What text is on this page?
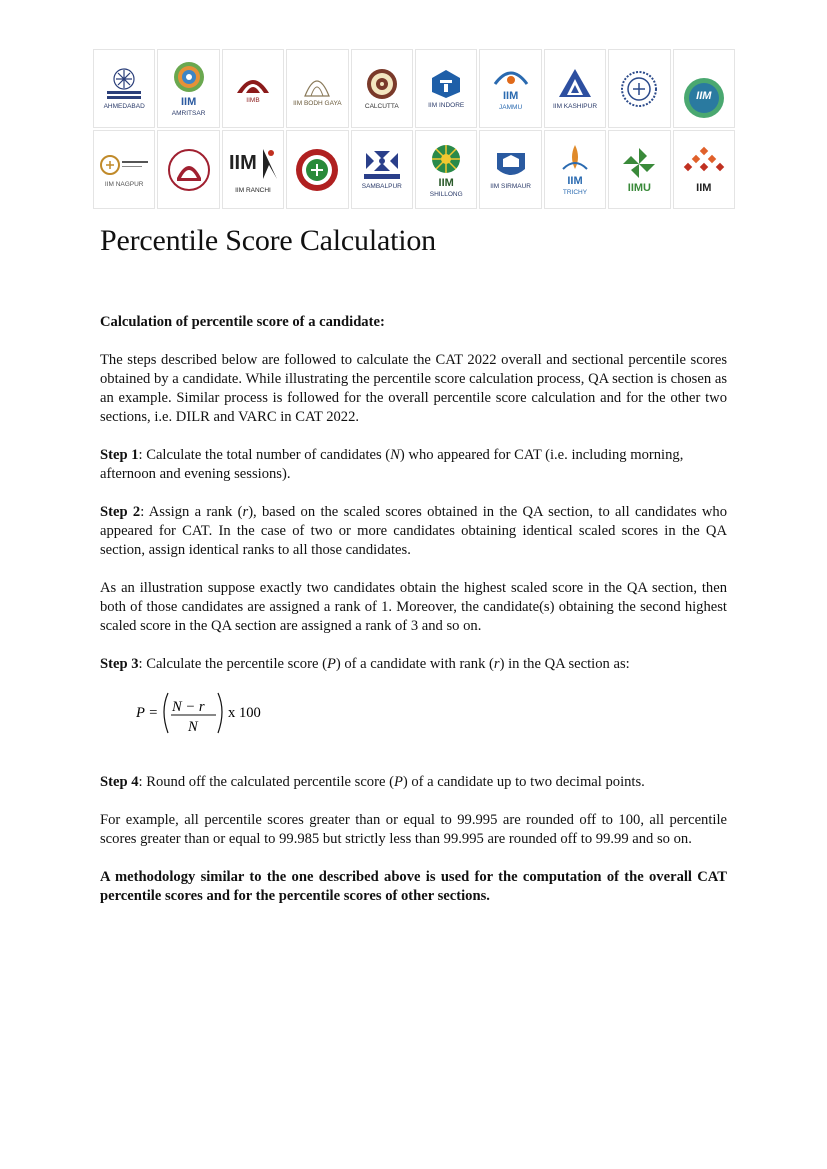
AHMEDABAD	IIM
AMRITSAR
IIMB	IIM BODH GAYA	CALCUTTA	IIM INDORE
IIM
JAMMU	IIM KASHIPUR
IIM
IIM NAGPUR
IIM
IIM RANCHI
SAMBALPUR	IIM
SHILLONG
IIM SIRMAUR	IIM
TRICHY	IIMU	IIM
Percentile Score Calculation

Calculation of percentile score of a candidate:

The steps described below are followed to calculate the CAT 2022 overall and sectional percentile scores obtained by a candidate. While illustrating the percentile score calculation process, QA section is chosen as an example. Similar process is followed for the overall percentile score calculation and for the other two sections, i.e. DILR and VARC in CAT 2022.

Step 1: Calculate the total number of candidates (N) who appeared for CAT (i.e. including morning, afternoon and evening sessions).

Step 2: Assign a rank (r), based on the scaled scores obtained in the QA section, to all candidates who appeared for CAT. In the case of two or more candidates obtaining identical scaled scores in the QA section, assign identical ranks to all those candidates.

As an illustration suppose exactly two candidates obtain the highest scaled score in the QA section, then both of those candidates are assigned a rank of 1. Moreover, the candidate(s) obtaining the second highest scaled score in the QA section are assigned a rank of 3 and so on.

Step 3: Calculate the percentile score (P) of a candidate with rank (r) in the QA section as:

P = N − r
N
x 100

Step 4: Round off the calculated percentile score (P) of a candidate up to two decimal points.

For example, all percentile scores greater than or equal to 99.995 are rounded off to 100, all percentile scores greater than or equal to 99.985 but strictly less than 99.995 are rounded off to 99.99 and so on.

A methodology similar to the one described above is used for the computation of the overall CAT percentile scores and for the percentile scores of other sections.
